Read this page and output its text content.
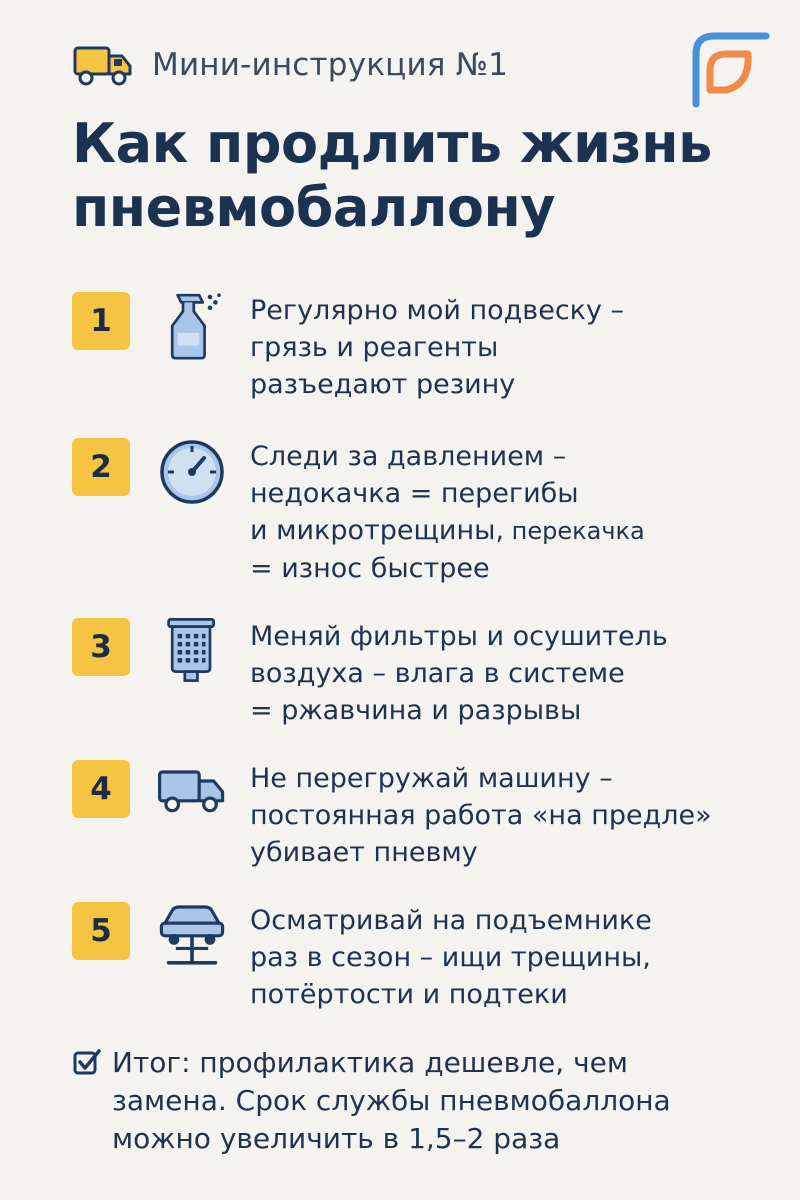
Мини-инструкция №1
Как продлить жизнь
пневмобаллону
1	Регулярно мой подвеску –
грязь и реагенты
разъедают резину
2	Следи за давлением –
недокачка = перегибы
и микротрещины, перекачка
= износ быстрее
3	Меняй фильтры и осушитель
воздуха – влага в системе
= ржавчина и разрывы
4	Не перегружай машину –
постоянная работа «на предле»
убивает пневму
5	Осматривай на подъемнике
раз в сезон – ищи трещины,
потёртости и подтеки
Итог: профилактика дешевле, чем
замена. Срок службы пневмобаллона
можно увеличить в 1,5–2 раза
